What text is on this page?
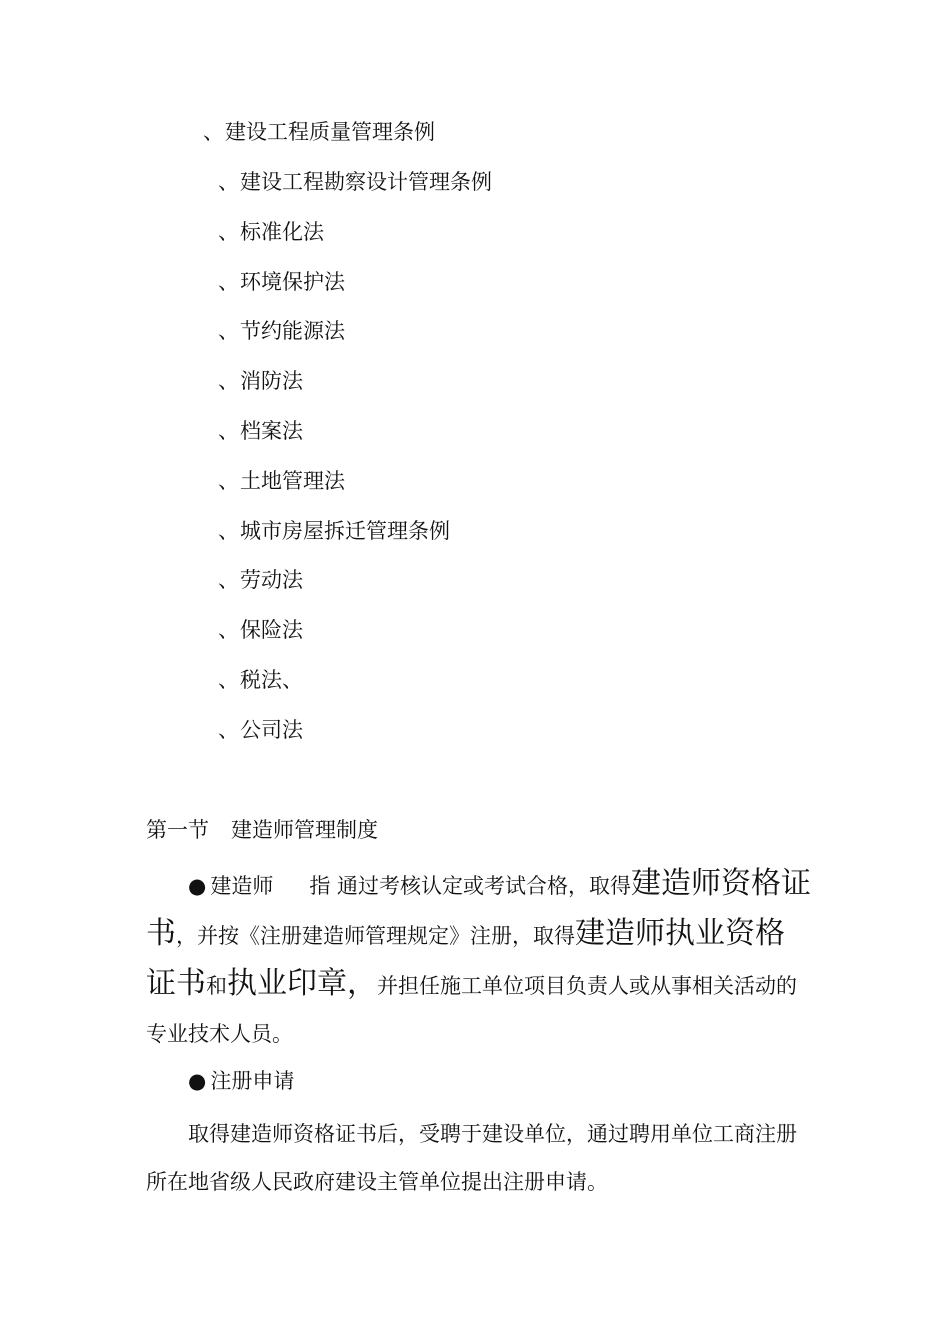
、建设工程质量管理条例
、建设工程勘察设计管理条例
、标准化法
、环境保护法
、节约能源法
、消防法
、档案法
、土地管理法
、城市房屋拆迁管理条例
、劳动法
、保险法
、税法、
、公司法
第一节 建造师管理制度
● 建造师 指 通过考核认定或考试合格，取得建造师资格证书，并按《注册建造师管理规定》注册，取得建造师执业资格证书和执业印章，并担任施工单位项目负责人或从事相关活动的专业技术人员。
● 注册申请
取得建造师资格证书后，受聘于建设单位，通过聘用单位工商注册所在地省级人民政府建设主管单位提出注册申请。
